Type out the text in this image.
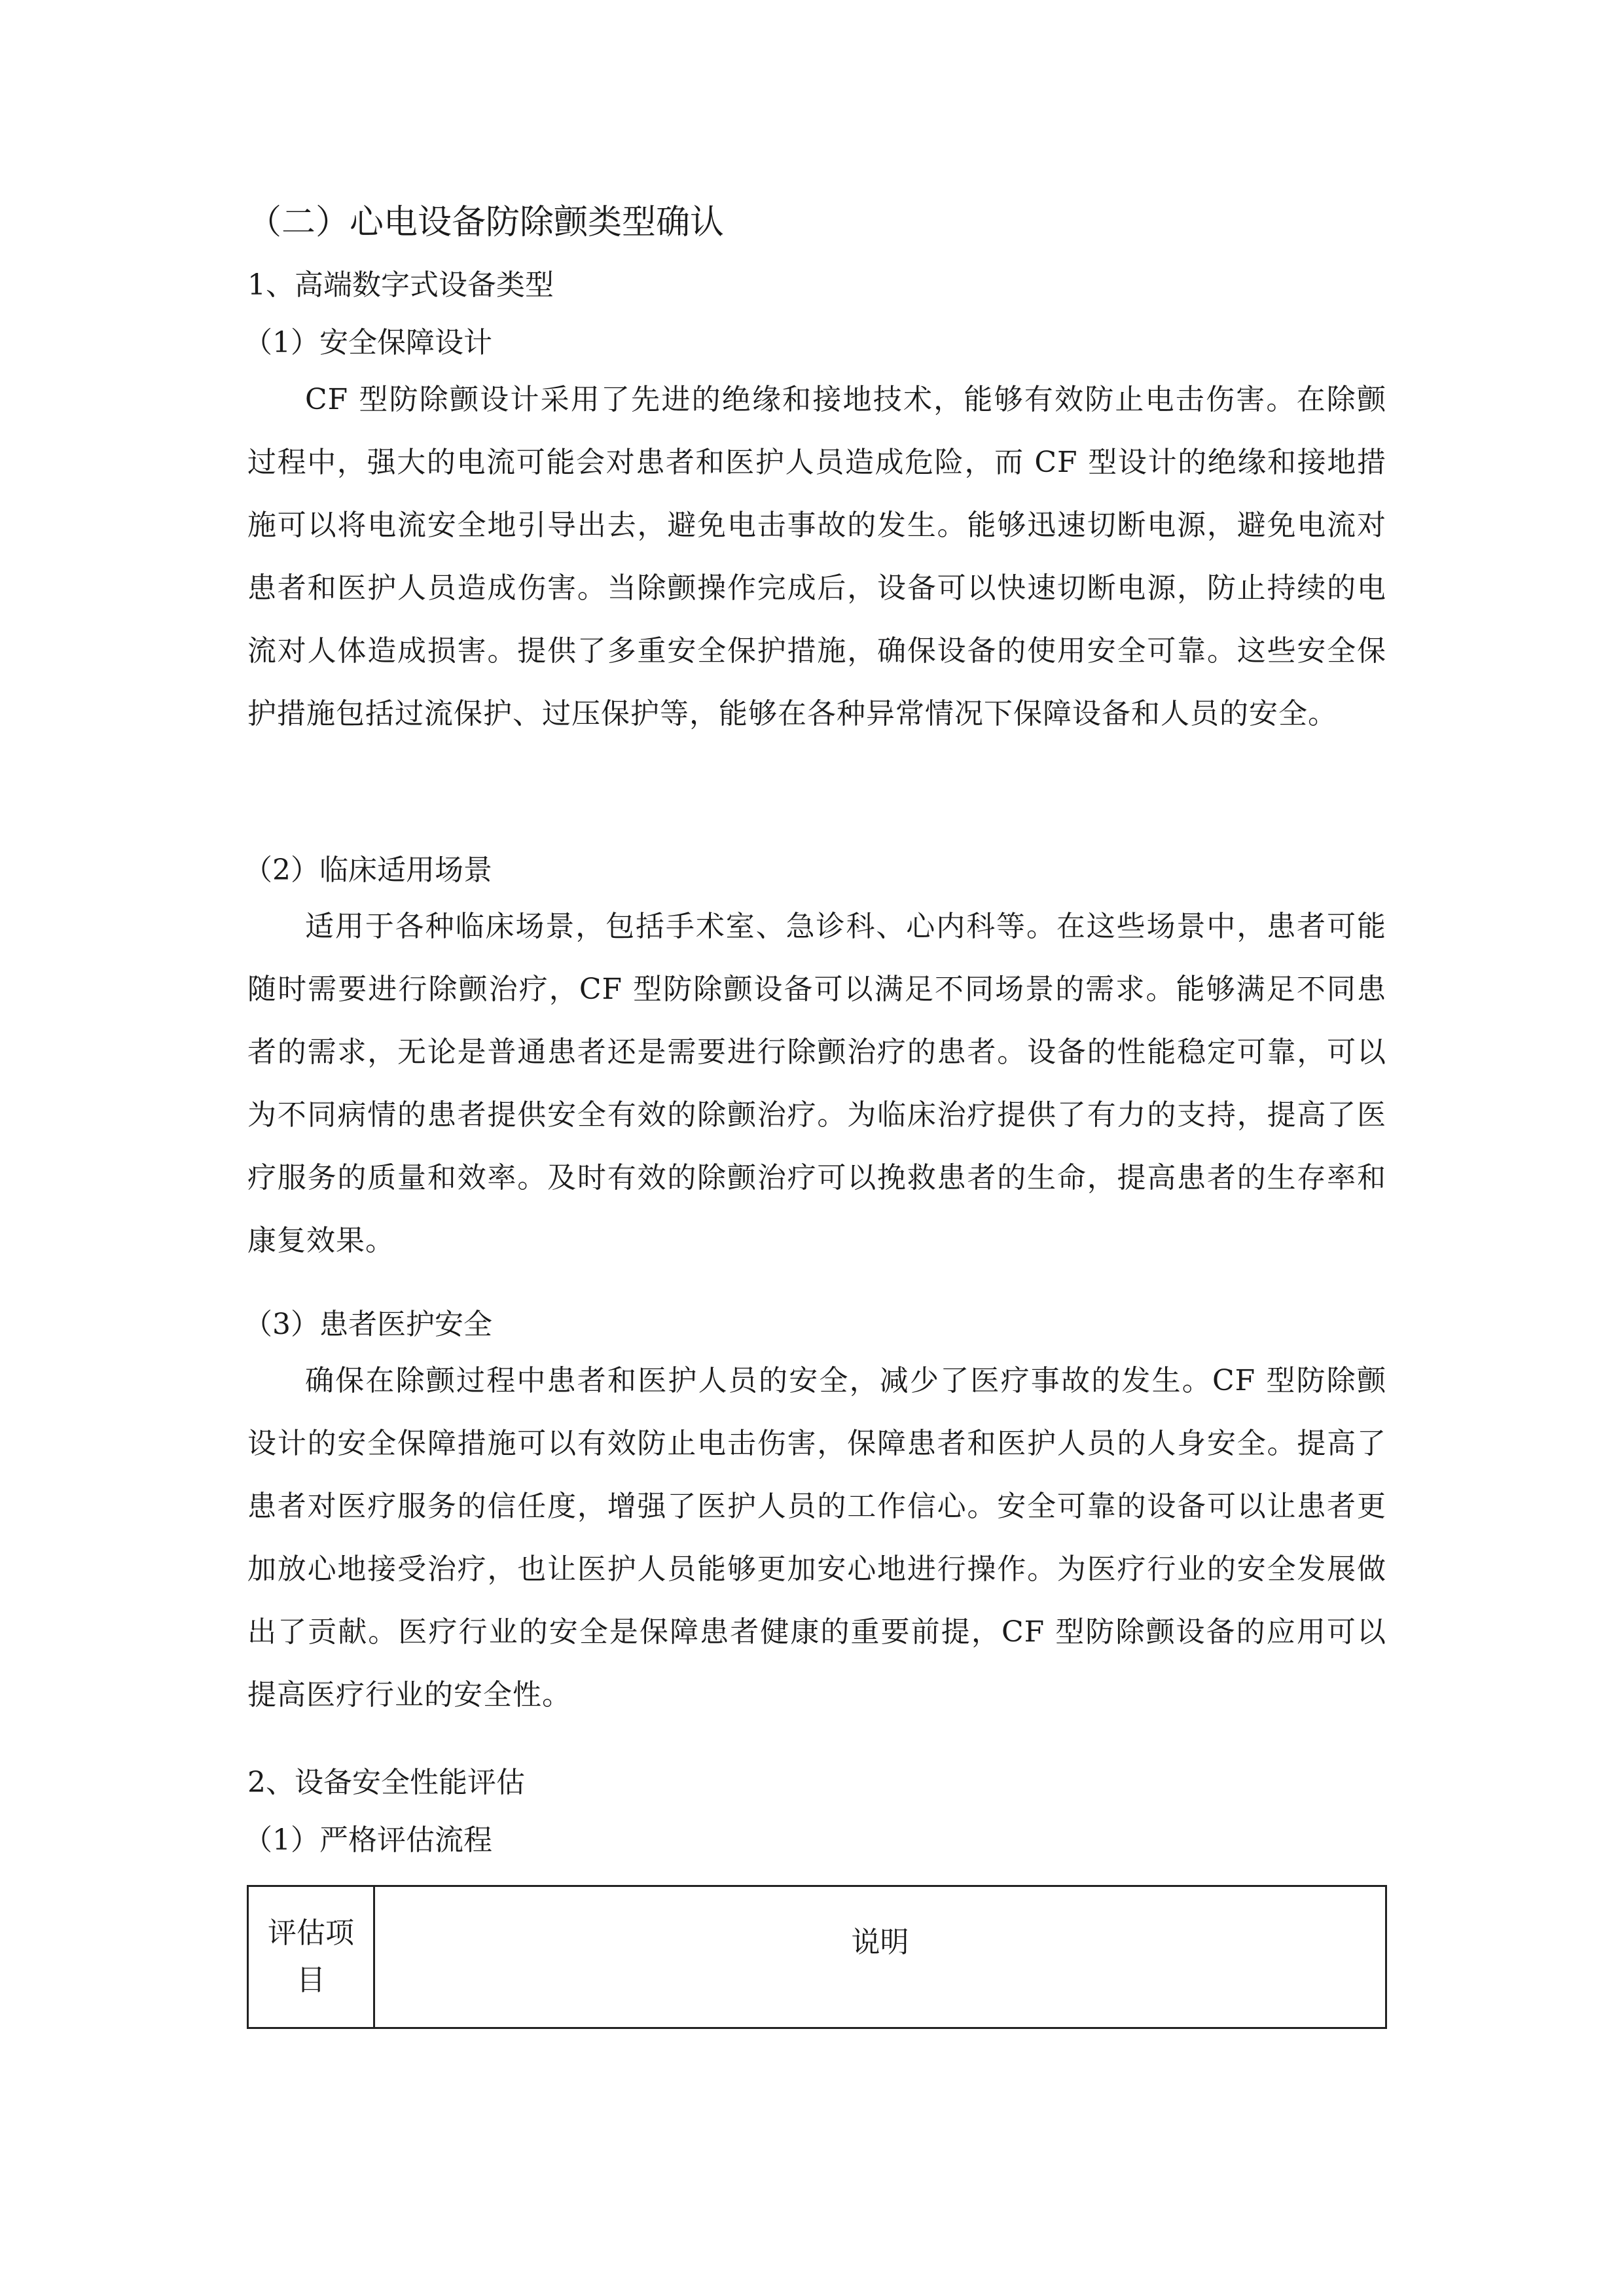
（二）心电设备防除颤类型确认
1、高端数字式设备类型
（1）安全保障设计
CF 型防除颤设计采用了先进的绝缘和接地技术，能够有效防止电击伤害。在除颤过程中，强大的电流可能会对患者和医护人员造成危险，而 CF 型设计的绝缘和接地措施可以将电流安全地引导出去，避免电击事故的发生。能够迅速切断电源，避免电流对患者和医护人员造成伤害。当除颤操作完成后，设备可以快速切断电源，防止持续的电流对人体造成损害。提供了多重安全保护措施，确保设备的使用安全可靠。这些安全保护措施包括过流保护、过压保护等，能够在各种异常情况下保障设备和人员的安全。
（2）临床适用场景
适用于各种临床场景，包括手术室、急诊科、心内科等。在这些场景中，患者可能随时需要进行除颤治疗，CF 型防除颤设备可以满足不同场景的需求。能够满足不同患者的需求，无论是普通患者还是需要进行除颤治疗的患者。设备的性能稳定可靠，可以为不同病情的患者提供安全有效的除颤治疗。为临床治疗提供了有力的支持，提高了医疗服务的质量和效率。及时有效的除颤治疗可以挽救患者的生命，提高患者的生存率和康复效果。
（3）患者医护安全
确保在除颤过程中患者和医护人员的安全，减少了医疗事故的发生。CF 型防除颤设计的安全保障措施可以有效防止电击伤害，保障患者和医护人员的人身安全。提高了患者对医疗服务的信任度，增强了医护人员的工作信心。安全可靠的设备可以让患者更加放心地接受治疗，也让医护人员能够更加安心地进行操作。为医疗行业的安全发展做出了贡献。医疗行业的安全是保障患者健康的重要前提，CF 型防除颤设备的应用可以提高医疗行业的安全性。
2、设备安全性能评估
（1）严格评估流程
评估项目	说明
